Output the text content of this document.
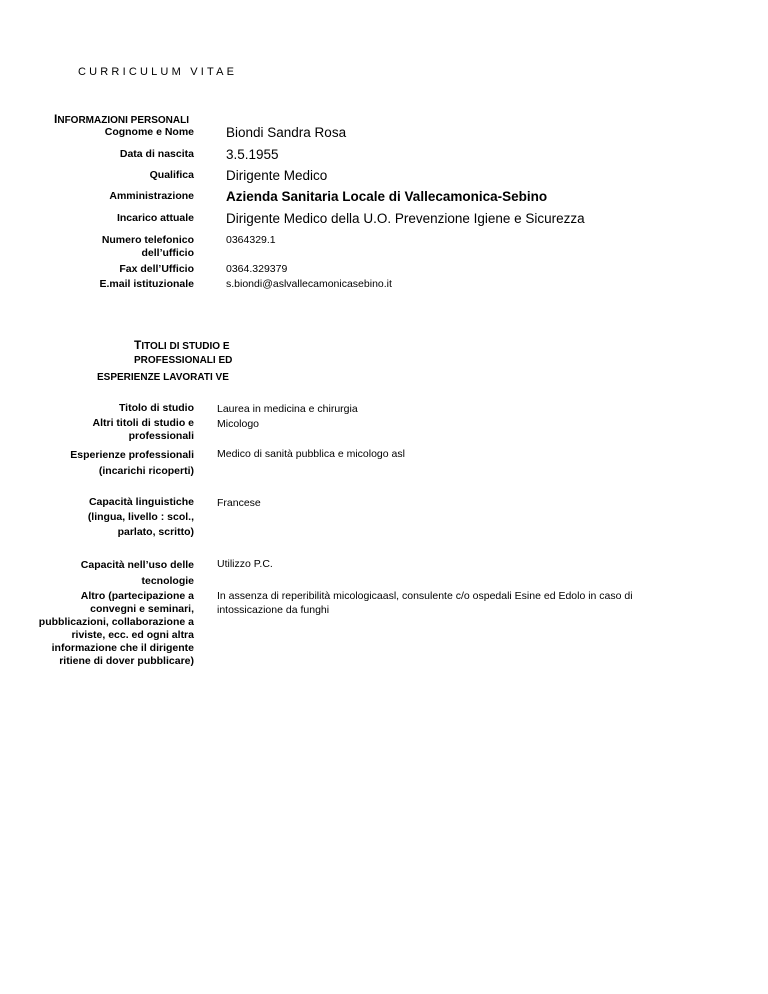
CURRICULUM VITAE
INFORMAZIONI PERSONALI
Cognome e Nome
Data di nascita
Qualifica
Amministrazione
Incarico attuale
Numero telefonico dell’ufficio
Fax dell’Ufficio
E.mail istituzionale
Biondi Sandra Rosa
3.5.1955
Dirigente Medico
Azienda Sanitaria Locale di Vallecamonica-Sebino
Dirigente Medico della U.O. Prevenzione Igiene e Sicurezza
0364329.1
0364.329379
s.biondi@aslvallecamonicasebino.it
TITOLI DI STUDIO E
PROFESSIONALI ED
ESPERIENZE LAVORATI VE
Titolo di studio
Altri titoli di studio e professionali
Esperienze professionali (incarichi ricoperti)
Capacità linguistiche (lingua, livello : scol., parlato, scritto)
Capacità nell’uso delle tecnologie
Altro (partecipazione a convegni e seminari, pubblicazioni, collaborazione a riviste, ecc. ed ogni altra informazione che il dirigente ritiene di dover pubblicare)
Laurea in medicina e chirurgia
Micologo
Medico di sanità pubblica e micologo asl
Francese
Utilizzo P.C.
In assenza di reperibilità micologicaasl, consulente c/o ospedali Esine ed Edolo in caso di intossicazione da funghi
